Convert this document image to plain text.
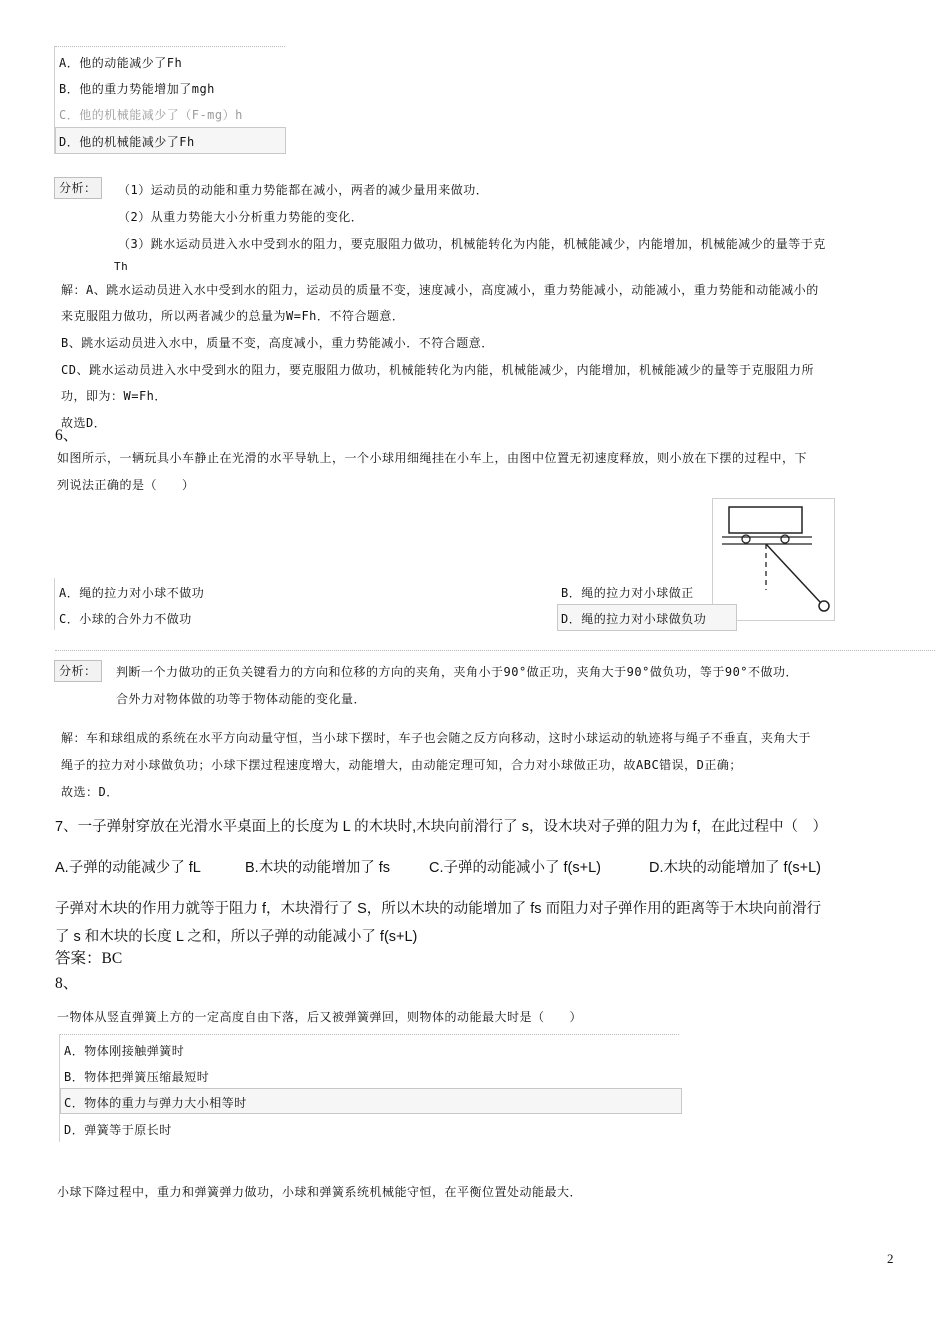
A．他的动能减少了Fh
B．他的重力势能增加了mgh
C．他的机械能减少了（F-mg）h
D．他的机械能减少了Fh
分析：	（1）运动员的动能和重力势能都在减小，两者的减少量用来做功．
（2）从重力势能大小分析重力势能的变化．
（3）跳水运动员进入水中受到水的阻力，要克服阻力做功，机械能转化为内能，机械能减少，内能增加，机械能减少的量等于克
Th
解：A、跳水运动员进入水中受到水的阻力，运动员的质量不变，速度减小，高度减小，重力势能减小，动能减小，重力势能和动能减小的
来克服阻力做功，所以两者减少的总量为W=Fh．不符合题意．
B、跳水运动员进入水中，质量不变，高度减小，重力势能减小．不符合题意．
CD、跳水运动员进入水中受到水的阻力，要克服阻力做功，机械能转化为内能，机械能减少，内能增加，机械能减少的量等于克服阻力所
功，即为：W=Fh．
故选D．
6、
如图所示，一辆玩具小车静止在光滑的水平导轨上，一个小球用细绳挂在小车上，由图中位置无初速度释放，则小放在下摆的过程中，下
列说法正确的是（　　）
A．绳的拉力对小球不做功	B．绳的拉力对小球做正
C．小球的合外力不做功	D．绳的拉力对小球做负功
分析：	判断一个力做功的正负关键看力的方向和位移的方向的夹角，夹角小于90°做正功，夹角大于90°做负功，等于90°不做功．
合外力对物体做的功等于物体动能的变化量．
解：车和球组成的系统在水平方向动量守恒，当小球下摆时，车子也会随之反方向移动，这时小球运动的轨迹将与绳子不垂直，夹角大于
绳子的拉力对小球做负功；小球下摆过程速度增大，动能增大，由动能定理可知，合力对小球做正功，故ABC错误，D正确；
故选：D．
7、一子弹射穿放在光滑水平桌面上的长度为 L 的木块时,木块向前滑行了 s，设木块对子弹的阻力为 f，在此过程中（　）
A.子弹的动能减少了 fL	B.木块的动能增加了 fs	C.子弹的动能减小了 f(s+L)	D.木块的动能增加了 f(s+L)
子弹对木块的作用力就等于阻力 f，木块滑行了 S，所以木块的动能增加了 fs 而阻力对子弹作用的距离等于木块向前滑行
了 s 和木块的长度 L 之和，所以子弹的动能减小了 f(s+L)
答案：BC
8、
一物体从竖直弹簧上方的一定高度自由下落，后又被弹簧弹回，则物体的动能最大时是（　　）
A．物体刚接触弹簧时
B．物体把弹簧压缩最短时
C．物体的重力与弹力大小相等时
D．弹簧等于原长时
小球下降过程中，重力和弹簧弹力做功，小球和弹簧系统机械能守恒，在平衡位置处动能最大．
2
